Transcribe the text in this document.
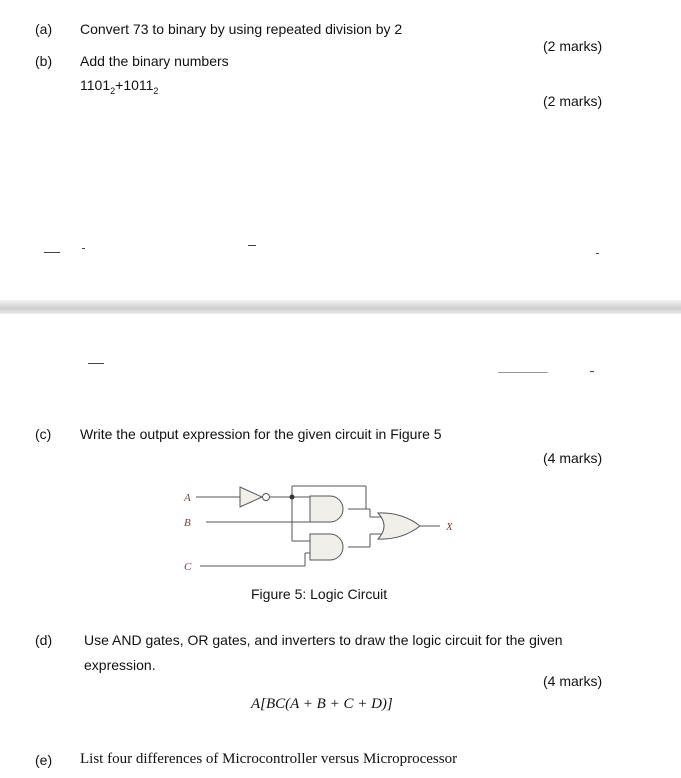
(a) Convert 73 to binary by using repeated division by 2
(2 marks)
(b) Add the binary numbers
$1101_2+1011_2$
(2 marks)
(c) Write the output expression for the given circuit in Figure 5
(4 marks)
A
B
C
X
Figure 5: Logic Circuit
(d) Use AND gates, OR gates, and inverters to draw the logic circuit for the given
expression.
(4 marks)
A[BC(A + B + C + D)]
(e) List four differences of Microcontroller versus Microprocessor
